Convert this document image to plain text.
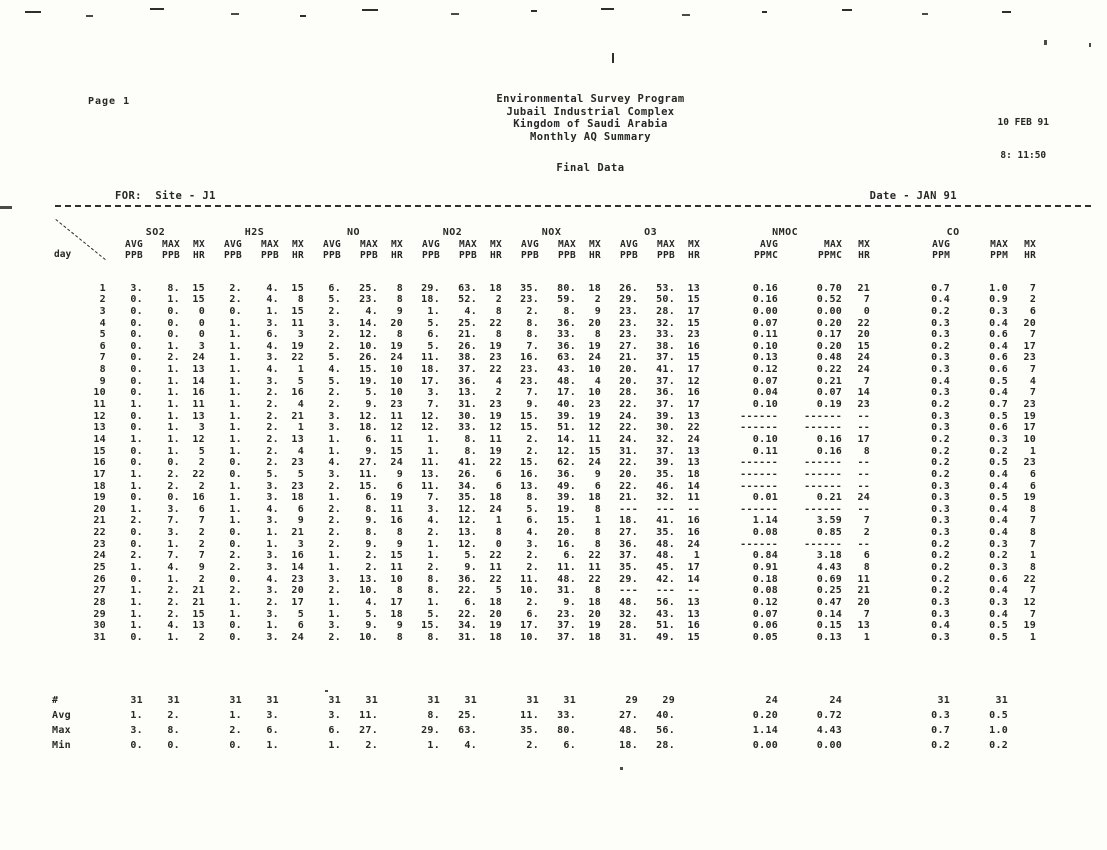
Page 1	Environmental Survey Program
Jubail Industrial Complex
Kingdom of Saudi Arabia
Monthly AQ Summary

10 FEB 91

8: 11:50

Final Data
FOR:  Site - J1	Date - JAN 91
day	SO2			H2S			NO			NO2			NOX			O3			NMOC			CO		
	AVG	MAX	MX	AVG	MAX	MX	AVG	MAX	MX	AVG	MAX	MX	AVG	MAX	MX	AVG	MAX	MX	AVG	MAX	MX	AVG	MAX	MX
	PPB	PPB	HR	PPB	PPB	HR	PPB	PPB	HR	PPB	PPB	HR	PPB	PPB	HR	PPB	PPB	HR	PPMC	PPMC	HR	PPM	PPM	HR
1	3.	8.	15	2.	4.	15	6.	25.	8	29.	63.	18	35.	80.	18	26.	53.	13	0.16	0.70	21	0.7	1.0	7
2	0.	1.	15	2.	4.	8	5.	23.	8	18.	52.	2	23.	59.	2	29.	50.	15	0.16	0.52	7	0.4	0.9	2
3	0.	0.	0	0.	1.	15	2.	4.	9	1.	4.	8	2.	8.	9	23.	28.	17	0.00	0.00	0	0.2	0.3	6
4	0.	0.	0	1.	3.	11	3.	14.	20	5.	25.	22	8.	36.	20	23.	32.	15	0.07	0.20	22	0.3	0.4	20
5	0.	0.	0	1.	6.	3	2.	12.	8	6.	21.	8	8.	33.	8	23.	33.	23	0.11	0.17	20	0.3	0.6	7
6	0.	1.	3	1.	4.	19	2.	10.	19	5.	26.	19	7.	36.	19	27.	38.	16	0.10	0.20	15	0.2	0.4	17
7	0.	2.	24	1.	3.	22	5.	26.	24	11.	38.	23	16.	63.	24	21.	37.	15	0.13	0.48	24	0.3	0.6	23
8	0.	1.	13	1.	4.	1	4.	15.	10	18.	37.	22	23.	43.	10	20.	41.	17	0.12	0.22	24	0.3	0.6	7
9	0.	1.	14	1.	3.	5	5.	19.	10	17.	36.	4	23.	48.	4	20.	37.	12	0.07	0.21	7	0.4	0.5	4
10	0.	1.	16	1.	2.	16	2.	5.	10	3.	13.	2	7.	17.	10	28.	36.	16	0.04	0.07	14	0.3	0.4	7
11	1.	1.	11	1.	2.	4	2.	9.	23	7.	31.	23	9.	40.	23	22.	37.	17	0.10	0.19	23	0.2	0.7	23
12	0.	1.	13	1.	2.	21	3.	12.	11	12.	30.	19	15.	39.	19	24.	39.	13	------	------	--	0.3	0.5	19
13	0.	1.	3	1.	2.	1	3.	18.	12	12.	33.	12	15.	51.	12	22.	30.	22	------	------	--	0.3	0.6	17
14	1.	1.	12	1.	2.	13	1.	6.	11	1.	8.	11	2.	14.	11	24.	32.	24	0.10	0.16	17	0.2	0.3	10
15	0.	1.	5	1.	2.	4	1.	9.	15	1.	8.	19	2.	12.	15	31.	37.	13	0.11	0.16	8	0.2	0.2	1
16	0.	0.	2	0.	2.	23	4.	27.	24	11.	41.	22	15.	62.	24	22.	39.	13	------	------	--	0.2	0.5	23
17	1.	2.	22	0.	5.	5	3.	11.	9	13.	26.	6	16.	36.	9	20.	35.	18	------	------	--	0.2	0.4	6
18	1.	2.	2	1.	3.	23	2.	15.	6	11.	34.	6	13.	49.	6	22.	46.	14	------	------	--	0.3	0.4	6
19	0.	0.	16	1.	3.	18	1.	6.	19	7.	35.	18	8.	39.	18	21.	32.	11	0.01	0.21	24	0.3	0.5	19
20	1.	3.	6	1.	4.	6	2.	8.	11	3.	12.	24	5.	19.	8	---	---	--	------	------	--	0.3	0.4	8
21	2.	7.	7	1.	3.	9	2.	9.	16	4.	12.	1	6.	15.	1	18.	41.	16	1.14	3.59	7	0.3	0.4	7
22	0.	3.	2	0.	1.	21	2.	8.	8	2.	13.	8	4.	20.	8	27.	35.	16	0.08	0.85	2	0.3	0.4	8
23	0.	1.	2	0.	1.	3	2.	9.	9	1.	12.	0	3.	16.	8	36.	48.	24	------	------	--	0.2	0.3	7
24	2.	7.	7	2.	3.	16	1.	2.	15	1.	5.	22	2.	6.	22	37.	48.	1	0.84	3.18	6	0.2	0.2	1
25	1.	4.	9	2.	3.	14	1.	2.	11	2.	9.	11	2.	11.	11	35.	45.	17	0.91	4.43	8	0.2	0.3	8
26	0.	1.	2	0.	4.	23	3.	13.	10	8.	36.	22	11.	48.	22	29.	42.	14	0.18	0.69	11	0.2	0.6	22
27	1.	2.	21	2.	3.	20	2.	10.	8	8.	22.	5	10.	31.	8	---	---	--	0.08	0.25	21	0.2	0.4	7
28	1.	2.	21	1.	2.	17	1.	4.	17	1.	6.	18	2.	9.	18	48.	56.	13	0.12	0.47	20	0.3	0.3	12
29	1.	2.	15	1.	3.	5	1.	5.	18	5.	22.	20	6.	23.	20	32.	43.	13	0.07	0.14	7	0.3	0.4	7
30	1.	4.	13	0.	1.	6	3.	9.	9	15.	34.	19	17.	37.	19	28.	51.	16	0.06	0.15	13	0.4	0.5	19
31	0.	1.	2	0.	3.	24	2.	10.	8	8.	31.	18	10.	37.	18	31.	49.	15	0.05	0.13	1	0.3	0.5	1
#	31	31		31	31		31	31		31	31		31	31		29	29		24	24		31	31	
Avg	1.	2.		1.	3.		3.	11.		8.	25.		11.	33.		27.	40.		0.20	0.72		0.3	0.5	
Max	3.	8.		2.	6.		6.	27.		29.	63.		35.	80.		48.	56.		1.14	4.43		0.7	1.0	
Min	0.	0.		0.	1.		1.	2.		1.	4.		2.	6.		18.	28.		0.00	0.00		0.2	0.2	
